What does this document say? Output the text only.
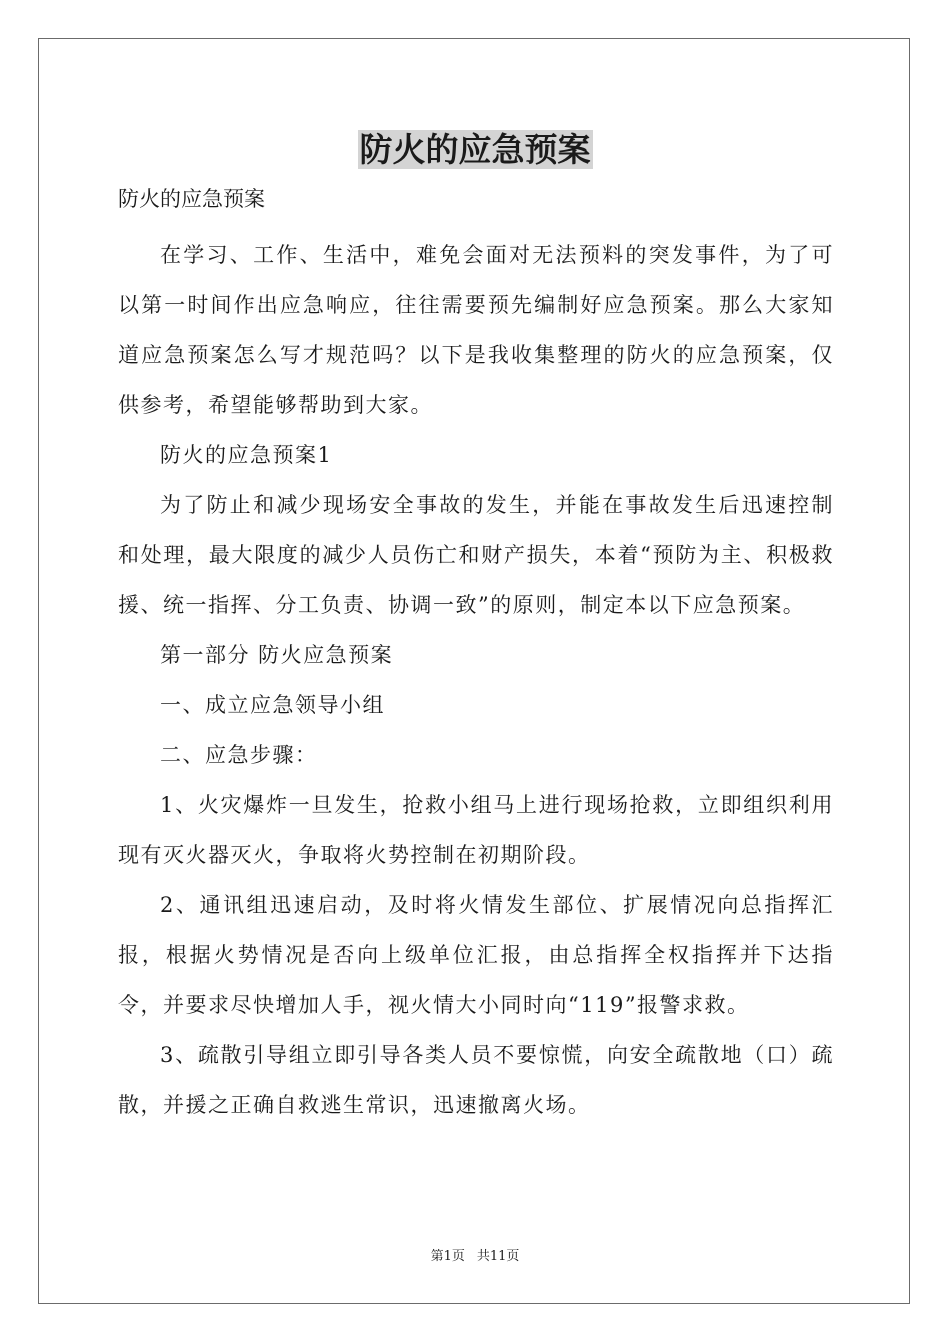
防火的应急预案
防火的应急预案

在学习、工作、生活中，难免会面对无法预料的突发事件，为了可以第一时间作出应急响应，往往需要预先编制好应急预案。那么大家知道应急预案怎么写才规范吗？以下是我收集整理的防火的应急预案，仅供参考，希望能够帮助到大家。

防火的应急预案1

为了防止和减少现场安全事故的发生，并能在事故发生后迅速控制和处理，最大限度的减少人员伤亡和财产损失，本着“预防为主、积极救援、统一指挥、分工负责、协调一致”的原则，制定本以下应急预案。

第一部分 防火应急预案

一、成立应急领导小组

二、应急步骤：

1、火灾爆炸一旦发生，抢救小组马上进行现场抢救，立即组织利用现有灭火器灭火，争取将火势控制在初期阶段。

2、通讯组迅速启动，及时将火情发生部位、扩展情况向总指挥汇报，根据火势情况是否向上级单位汇报，由总指挥全权指挥并下达指令，并要求尽快增加人手，视火情大小同时向“119”报警求救。

3、疏散引导组立即引导各类人员不要惊慌，向安全疏散地（口）疏散，并援之正确自救逃生常识，迅速撤离火场。

第1页 共11页
